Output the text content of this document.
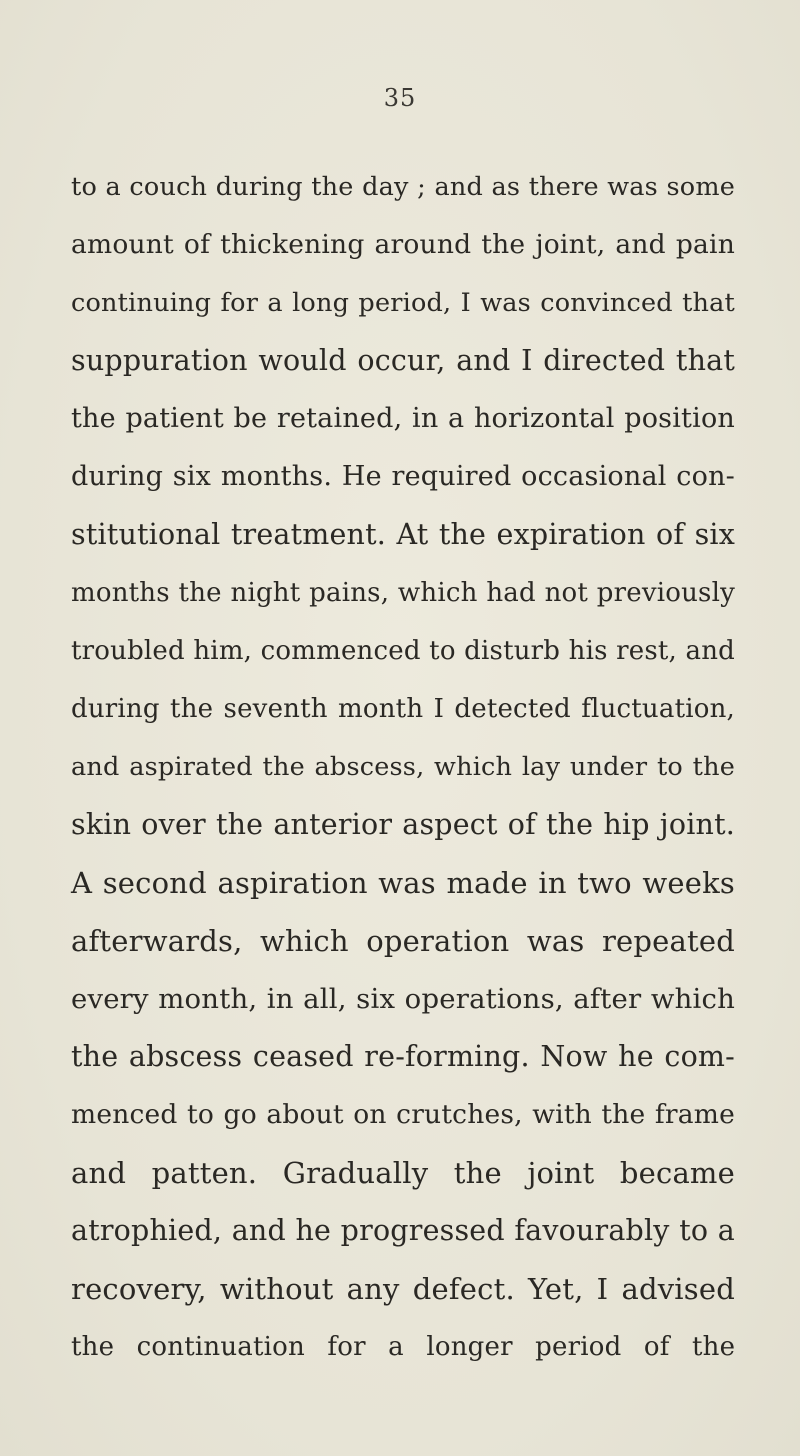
35
to a couch during the day ; and as there was some
amount of thickening around the joint, and pain
continuing for a long period, I was convinced that
suppuration would occur, and I directed that
the patient be retained, in a horizontal position
during six months. He required occasional con-
stitutional treatment. At the expiration of six
months the night pains, which had not previously
troubled him, commenced to disturb his rest, and
during the seventh month I detected fluctuation,
and aspirated the abscess, which lay under to the
skin over the anterior aspect of the hip joint.
A second aspiration was made in two weeks
afterwards, which operation was repeated
every month, in all, six operations, after which
the abscess ceased re-forming. Now he com-
menced to go about on crutches, with the frame
and patten. Gradually the joint became
atrophied, and he progressed favourably to a
recovery, without any defect. Yet, I advised
the continuation for a longer period of the
